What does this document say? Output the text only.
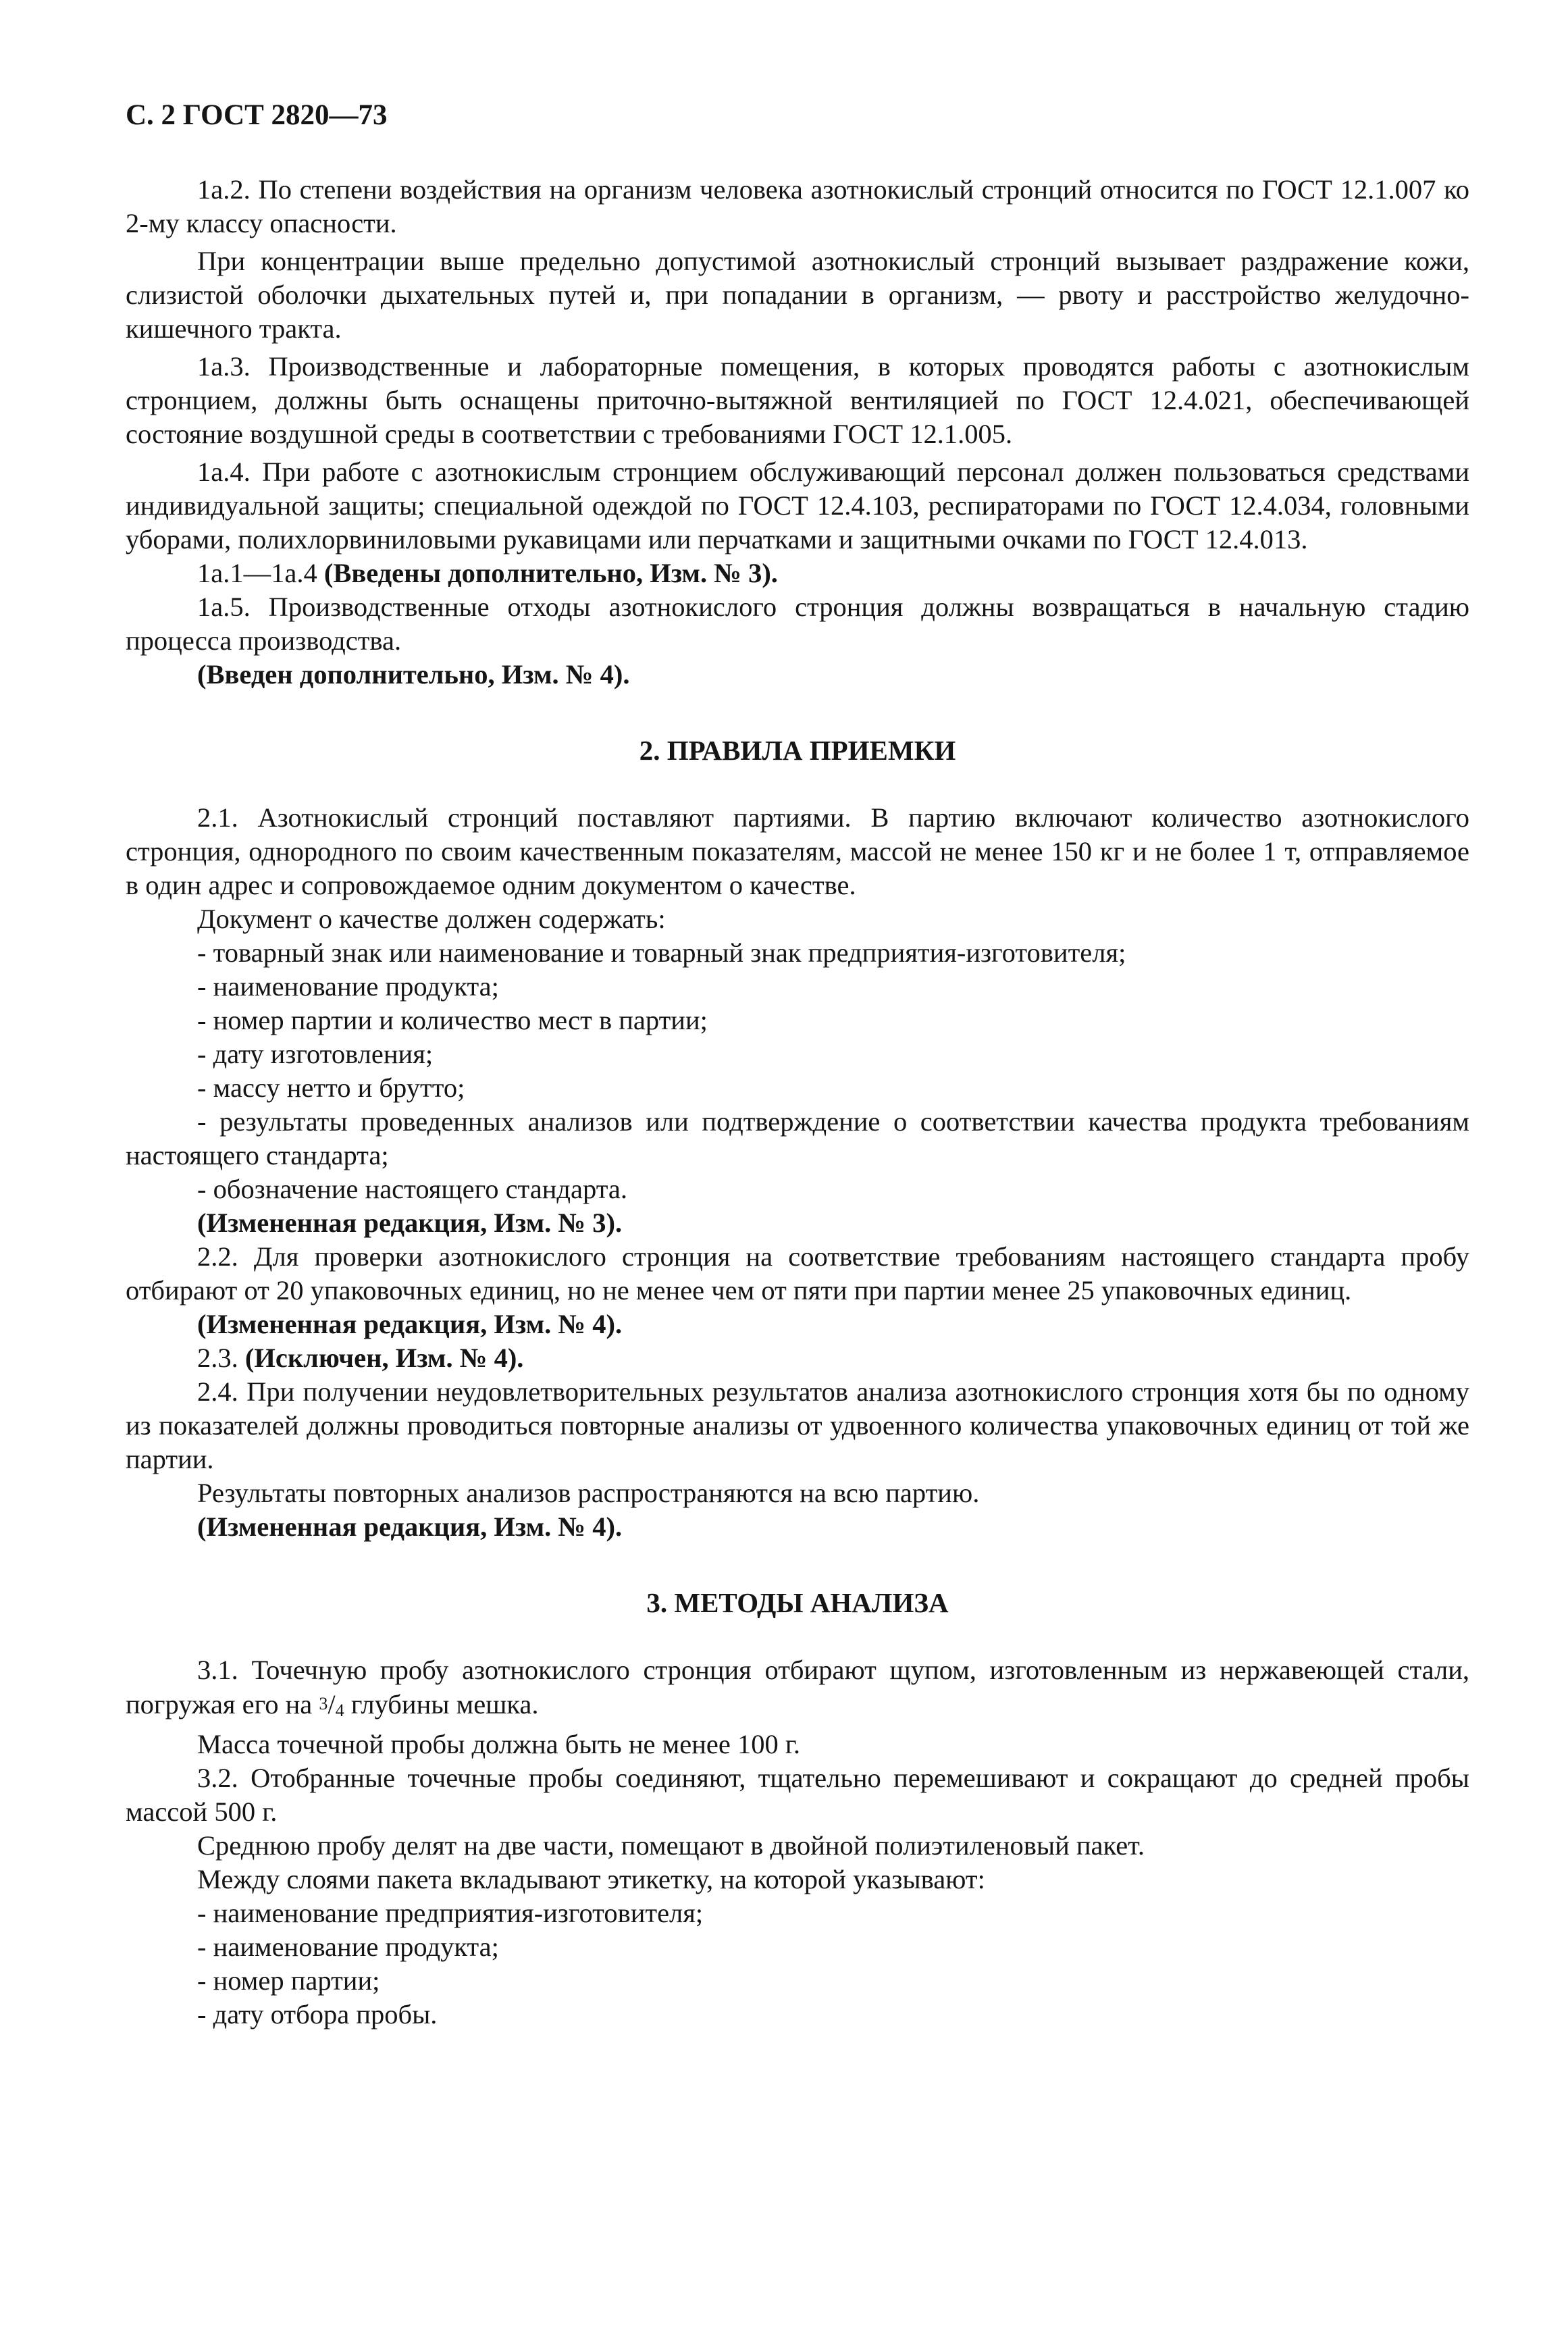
С. 2 ГОСТ 2820—73

1а.2. По степени воздействия на организм человека азотнокислый стронций относится по ГОСТ 12.1.007 ко 2-му классу опасности.

При концентрации выше предельно допустимой азотнокислый стронций вызывает раздражение кожи, слизистой оболочки дыхательных путей и, при попадании в организм, — рвоту и расстройство желудочно-кишечного тракта.

1а.3. Производственные и лабораторные помещения, в которых проводятся работы с азотнокислым стронцием, должны быть оснащены приточно-вытяжной вентиляцией по ГОСТ 12.4.021, обеспечивающей состояние воздушной среды в соответствии с требованиями ГОСТ 12.1.005.

1а.4. При работе с азотнокислым стронцием обслуживающий персонал должен пользоваться средствами индивидуальной защиты; специальной одеждой по ГОСТ 12.4.103, респираторами по ГОСТ 12.4.034, головными уборами, полихлорвиниловыми рукавицами или перчатками и защитными очками по ГОСТ 12.4.013.

1а.1—1а.4 (Введены дополнительно, Изм. № 3).

1а.5. Производственные отходы азотнокислого стронция должны возвращаться в начальную стадию процесса производства.

(Введен дополнительно, Изм. № 4).

2. ПРАВИЛА ПРИЕМКИ

2.1. Азотнокислый стронций поставляют партиями. В партию включают количество азотнокислого стронция, однородного по своим качественным показателям, массой не менее 150 кг и не более 1 т, отправляемое в один адрес и сопровождаемое одним документом о качестве.

Документ о качестве должен содержать:

- товарный знак или наименование и товарный знак предприятия-изготовителя;

- наименование продукта;

- номер партии и количество мест в партии;

- дату изготовления;

- массу нетто и брутто;

- результаты проведенных анализов или подтверждение о соответствии качества продукта требованиям настоящего стандарта;

- обозначение настоящего стандарта.

(Измененная редакция, Изм. № 3).

2.2. Для проверки азотнокислого стронция на соответствие требованиям настоящего стандарта пробу отбирают от 20 упаковочных единиц, но не менее чем от пяти при партии менее 25 упаковочных единиц.

(Измененная редакция, Изм. № 4).

2.3. (Исключен, Изм. № 4).

2.4. При получении неудовлетворительных результатов анализа азотнокислого стронция хотя бы по одному из показателей должны проводиться повторные анализы от удвоенного количества упаковочных единиц от той же партии.

Результаты повторных анализов распространяются на всю партию.

(Измененная редакция, Изм. № 4).

3. МЕТОДЫ АНАЛИЗА

3.1. Точечную пробу азотнокислого стронция отбирают щупом, изготовленным из нержавеющей стали, погружая его на 3/4 глубины мешка.

Масса точечной пробы должна быть не менее 100 г.

3.2. Отобранные точечные пробы соединяют, тщательно перемешивают и сокращают до средней пробы массой 500 г.

Среднюю пробу делят на две части, помещают в двойной полиэтиленовый пакет.

Между слоями пакета вкладывают этикетку, на которой указывают:

- наименование предприятия-изготовителя;

- наименование продукта;

- номер партии;

- дату отбора пробы.
